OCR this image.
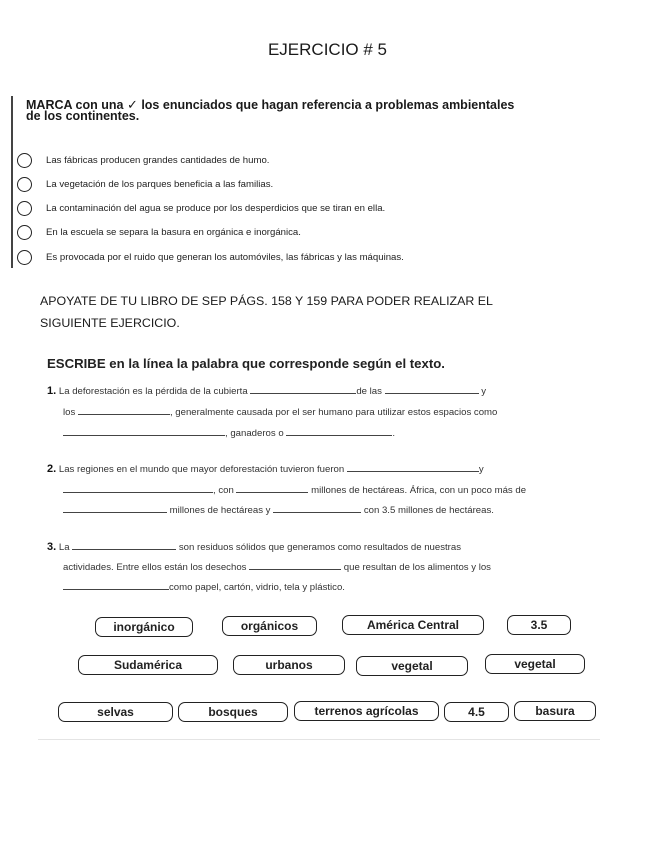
EJERCICIO # 5
MARCA con una ✓ los enunciados que hagan referencia a problemas ambientales
de los continentes.
Las fábricas producen grandes cantidades de humo.
La vegetación de los parques beneficia a las familias.
La contaminación del agua se produce por los desperdicios que se tiran en ella.
En la escuela se separa la basura en orgánica e inorgánica.
Es provocada por el ruido que generan los automóviles, las fábricas y las máquinas.
APOYATE DE TU LIBRO DE SEP PÁGS. 158 Y 159 PARA PODER REALIZAR EL
SIGUIENTE EJERCICIO.
ESCRIBE en la línea la palabra que corresponde según el texto.
1. La deforestación es la pérdida de la cubierta	de las	y
los	, generalmente causada por el ser humano para utilizar estos espacios como
, ganaderos o	.
2. Las regiones en el mundo que mayor deforestación tuvieron fueron	y
, con	millones de hectáreas. África, con un poco más de
millones de hectáreas y	con 3.5 millones de hectáreas.
3. La	son residuos sólidos que generamos como resultados de nuestras
actividades. Entre ellos están los desechos	que resultan de los alimentos y los
como papel, cartón, vidrio, tela y plástico.
inorgánico	orgánicos	América Central	3.5
Sudamérica	urbanos	vegetal	vegetal
selvas	bosques	terrenos agrícolas	4.5	basura
